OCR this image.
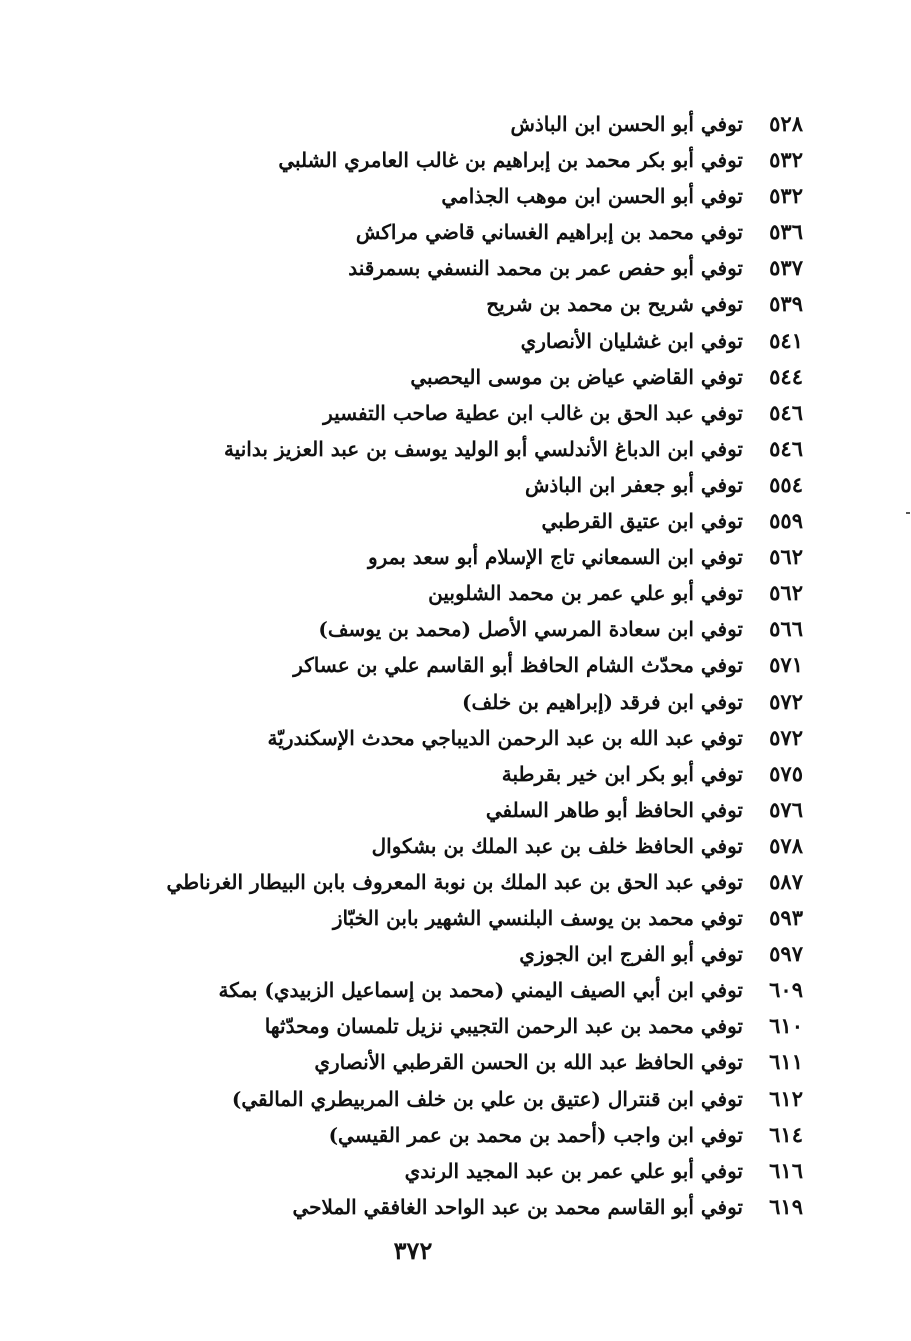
٥٢٨
توفي أبو الحسن ابن الباذش
٥٣٢
توفي أبو بكر محمد بن إبراهيم بن غالب العامري الشلبي
٥٣٢
توفي أبو الحسن ابن موهب الجذامي
٥٣٦
توفي محمد بن إبراهيم الغساني قاضي مراكش
٥٣٧
توفي أبو حفص عمر بن محمد النسفي بسمرقند
٥٣٩
توفي شريح بن محمد بن شريح
٥٤١
توفي ابن غشليان الأنصاري
٥٤٤
توفي القاضي عياض بن موسى اليحصبي
٥٤٦
توفي عبد الحق بن غالب ابن عطية صاحب التفسير
٥٤٦
توفي ابن الدباغ الأندلسي أبو الوليد يوسف بن عبد العزيز بدانية
٥٥٤
توفي أبو جعفر ابن الباذش
٥٥٩
توفي ابن عتيق القرطبي
٥٦٢
توفي ابن السمعاني تاج الإسلام أبو سعد بمرو
٥٦٢
توفي أبو علي عمر بن محمد الشلوبين
٥٦٦
توفي ابن سعادة المرسي الأصل (محمد بن يوسف)
٥٧١
توفي محدّث الشام الحافظ أبو القاسم علي بن عساكر
٥٧٢
توفي ابن فرقد (إبراهيم بن خلف)
٥٧٢
توفي عبد الله بن عبد الرحمن الديباجي محدث الإسكندريّة
٥٧٥
توفي أبو بكر ابن خير بقرطبة
٥٧٦
توفي الحافظ أبو طاهر السلفي
٥٧٨
توفي الحافظ خلف بن عبد الملك بن بشكوال
٥٨٧
توفي عبد الحق بن عبد الملك بن نوبة المعروف بابن البيطار الغرناطي
٥٩٣
توفي محمد بن يوسف البلنسي الشهير بابن الخبّاز
٥٩٧
توفي أبو الفرج ابن الجوزي
٦٠٩
توفي ابن أبي الصيف اليمني (محمد بن إسماعيل الزبيدي) بمكة
٦١٠
توفي محمد بن عبد الرحمن التجيبي نزيل تلمسان ومحدّثها
٦١١
توفي الحافظ عبد الله بن الحسن القرطبي الأنصاري
٦١٢
توفي ابن قنترال (عتيق بن علي بن خلف المربيطري المالقي)
٦١٤
توفي ابن واجب (أحمد بن محمد بن عمر القيسي)
٦١٦
توفي أبو علي عمر بن عبد المجيد الرندي
٦١٩
توفي أبو القاسم محمد بن عبد الواحد الغافقي الملاحي
٣٧٢
